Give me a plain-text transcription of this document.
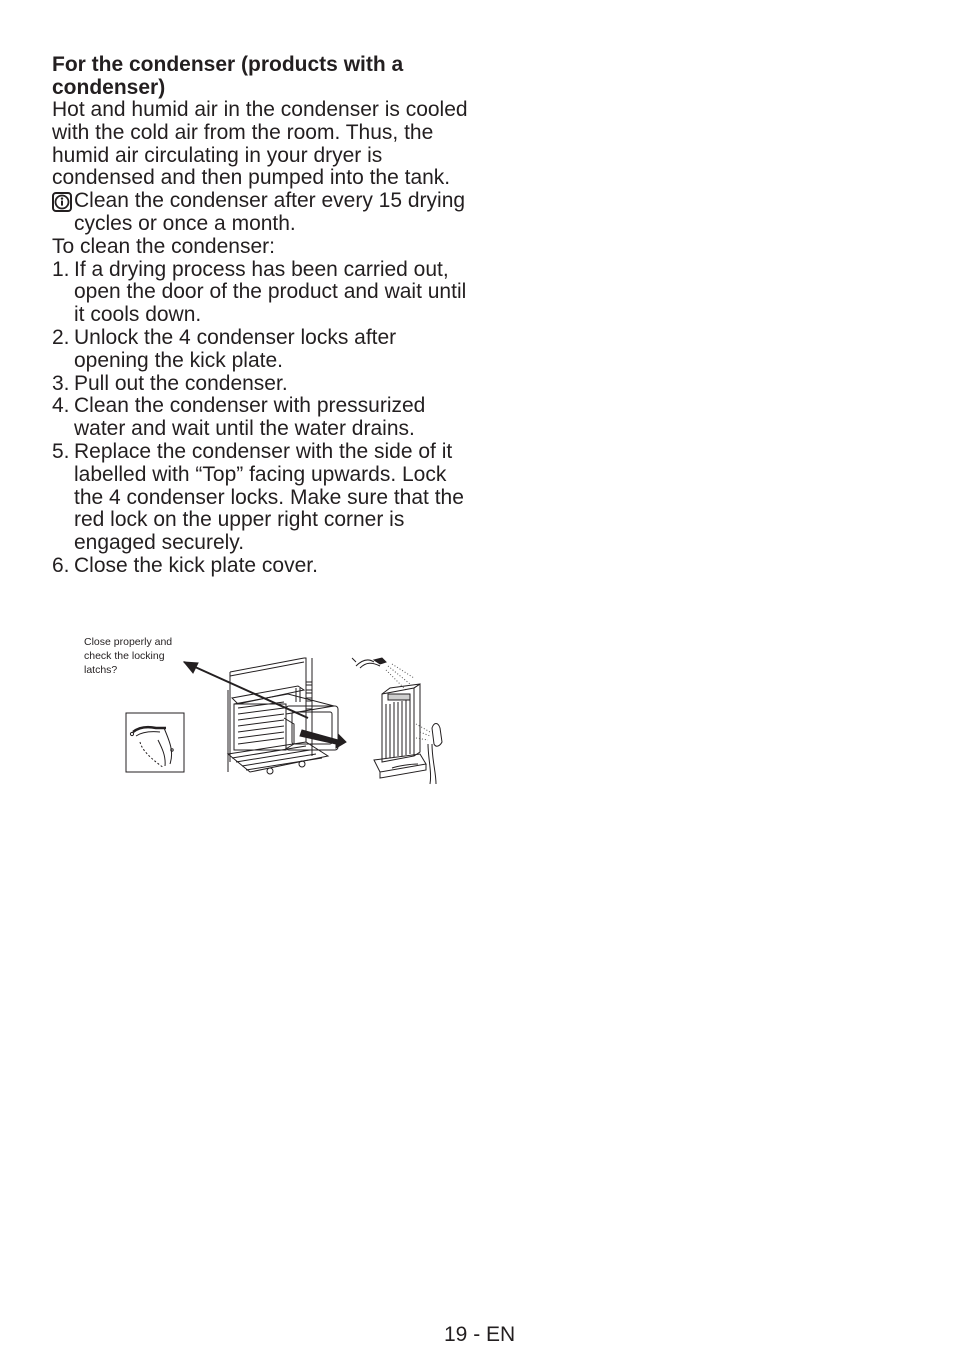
For the condenser (products with a condenser)

Hot and humid air in the condenser is cooled with the cold air from the room. Thus, the humid air circulating in your dryer is condensed and then pumped into the tank.

Clean the condenser after every 15 drying cycles or once a month.

To clean the condenser:

1. If a drying process has been carried out, open the door of the product and wait until it cools down.
2. Unlock the 4 condenser locks after opening the kick plate.
3. Pull out the condenser.
4. Clean the condenser with pressurized water and wait until the water drains.
5. Replace the condenser with the side of it labelled with “Top” facing upwards. Lock the 4 condenser locks. Make sure that the red lock on the upper right corner is engaged securely.
6. Close the kick plate cover.
Close properly and check the locking latchs?
19 - EN
